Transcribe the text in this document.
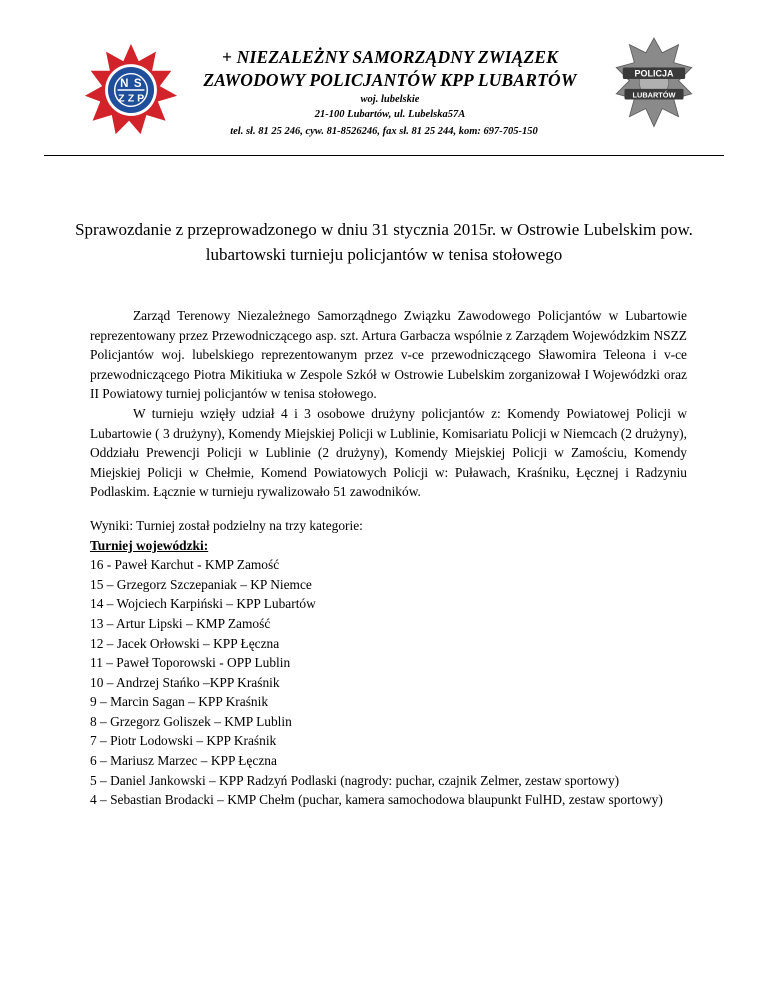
N S
Z Z P
+ NIEZALEŻNY SAMORZĄDNY ZWIĄZEK
ZAWODOWY POLICJANTÓW KPP LUBARTÓW
woj. lubelskie
21-100 Lubartów, ul. Lubelska57A
tel. sł. 81 25 246, cyw. 81-8526246, fax sł. 81 25 244, kom: 697-705-150
POLICJA
LUBARTÓW
Sprawozdanie z przeprowadzonego w dniu 31 stycznia 2015r. w Ostrowie Lubelskim pow. lubartowski turnieju policjantów w tenisa stołowego

Zarząd Terenowy Niezależnego Samorządnego Związku Zawodowego Policjantów w Lubartowie reprezentowany przez Przewodniczącego asp. szt. Artura Garbacza wspólnie z Zarządem Wojewódzkim NSZZ Policjantów woj. lubelskiego reprezentowanym przez v-ce przewodniczącego Sławomira Teleona i v-ce przewodniczącego Piotra Mikitiuka w Zespole Szkół w Ostrowie Lubelskim zorganizował I Wojewódzki oraz II Powiatowy turniej policjantów w tenisa stołowego.

W turnieju wzięły udział 4 i 3 osobowe drużyny policjantów z: Komendy Powiatowej Policji w Lubartowie ( 3 drużyny), Komendy Miejskiej Policji w Lublinie, Komisariatu Policji w Niemcach (2 drużyny), Oddziału Prewencji Policji w Lublinie (2 drużyny), Komendy Miejskiej Policji w Zamościu, Komendy Miejskiej Policji w Chełmie, Komend Powiatowych Policji w: Puławach, Kraśniku, Łęcznej i Radzyniu Podlaskim. Łącznie w turnieju rywalizowało 51 zawodników.

Wyniki: Turniej został podzielny na trzy kategorie:

Turniej wojewódzki:

16 - Paweł Karchut - KMP Zamość
15 – Grzegorz Szczepaniak – KP Niemce
14 – Wojciech Karpiński – KPP Lubartów
13 – Artur Lipski – KMP Zamość
12 – Jacek Orłowski – KPP Łęczna
11 – Paweł Toporowski - OPP Lublin
10 – Andrzej Stańko –KPP Kraśnik
9 – Marcin Sagan – KPP Kraśnik
8 – Grzegorz Goliszek – KMP Lublin
7 – Piotr Lodowski – KPP Kraśnik
6 – Mariusz Marzec – KPP Łęczna
5 – Daniel Jankowski – KPP Radzyń Podlaski (nagrody: puchar, czajnik Zelmer, zestaw sportowy)
4 – Sebastian Brodacki – KMP Chełm (puchar, kamera samochodowa blaupunkt FulHD, zestaw sportowy)
